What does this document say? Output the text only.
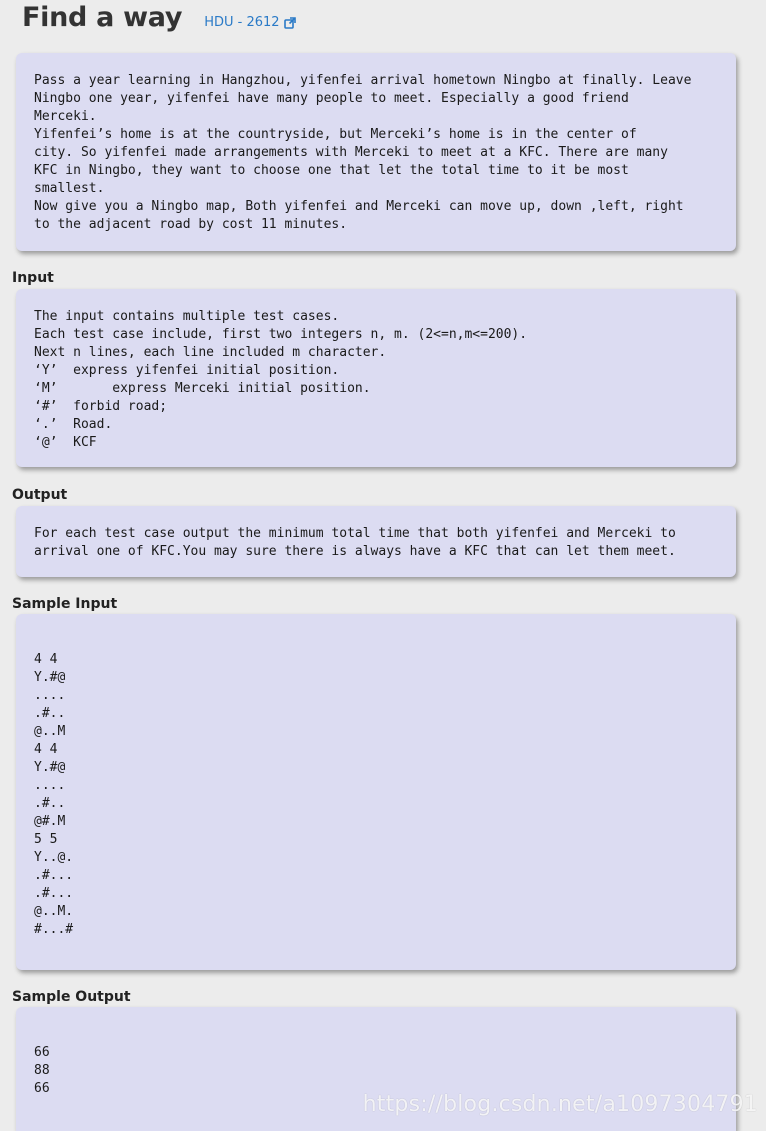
Find a way HDU - 2612
Pass a year learning in Hangzhou, yifenfei arrival hometown Ningbo at finally. Leave
Ningbo one year, yifenfei have many people to meet. Especially a good friend
Merceki.
Yifenfei’s home is at the countryside, but Merceki’s home is in the center of
city. So yifenfei made arrangements with Merceki to meet at a KFC. There are many
KFC in Ningbo, they want to choose one that let the total time to it be most
smallest.
Now give you a Ningbo map, Both yifenfei and Merceki can move up, down ,left, right
to the adjacent road by cost 11 minutes.
Input
The input contains multiple test cases.
Each test case include, first two integers n, m. (2<=n,m<=200).
Next n lines, each line included m character.
‘Y’  express yifenfei initial position.
‘M’       express Merceki initial position.
‘#’  forbid road;
‘.’  Road.
‘@’  KCF
Output
For each test case output the minimum total time that both yifenfei and Merceki to
arrival one of KFC.You may sure there is always have a KFC that can let them meet.
Sample Input
4 4
Y.#@
....
.#..
@..M
4 4
Y.#@
....
.#..
@#.M
5 5
Y..@.
.#...
.#...
@..M.
#...#
Sample Output
66
88
66
https://blog.csdn.net/a1097304791
